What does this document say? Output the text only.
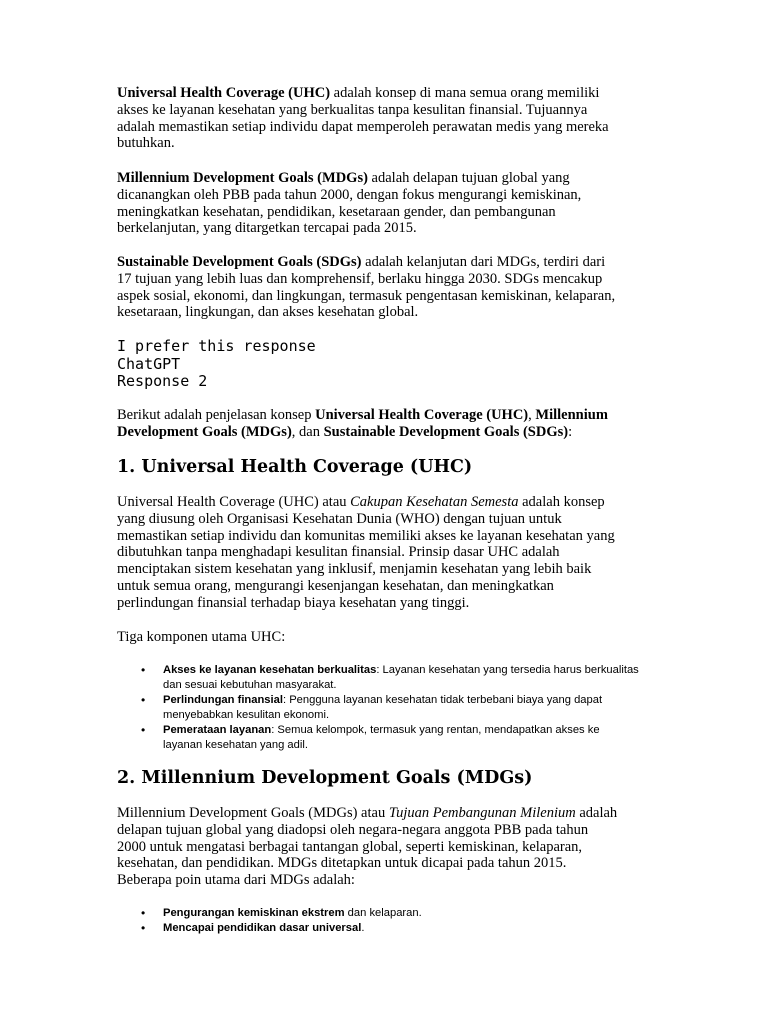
Universal Health Coverage (UHC) adalah konsep di mana semua orang memiliki
akses ke layanan kesehatan yang berkualitas tanpa kesulitan finansial. Tujuannya
adalah memastikan setiap individu dapat memperoleh perawatan medis yang mereka
butuhkan.
Millennium Development Goals (MDGs) adalah delapan tujuan global yang
dicanangkan oleh PBB pada tahun 2000, dengan fokus mengurangi kemiskinan,
meningkatkan kesehatan, pendidikan, kesetaraan gender, dan pembangunan
berkelanjutan, yang ditargetkan tercapai pada 2015.
Sustainable Development Goals (SDGs) adalah kelanjutan dari MDGs, terdiri dari
17 tujuan yang lebih luas dan komprehensif, berlaku hingga 2030. SDGs mencakup
aspek sosial, ekonomi, dan lingkungan, termasuk pengentasan kemiskinan, kelaparan,
kesetaraan, lingkungan, dan akses kesehatan global.
I prefer this response
ChatGPT
Response 2
Berikut adalah penjelasan konsep Universal Health Coverage (UHC), Millennium
Development Goals (MDGs), dan Sustainable Development Goals (SDGs):
1. Universal Health Coverage (UHC)
Universal Health Coverage (UHC) atau Cakupan Kesehatan Semesta adalah konsep
yang diusung oleh Organisasi Kesehatan Dunia (WHO) dengan tujuan untuk
memastikan setiap individu dan komunitas memiliki akses ke layanan kesehatan yang
dibutuhkan tanpa menghadapi kesulitan finansial. Prinsip dasar UHC adalah
menciptakan sistem kesehatan yang inklusif, menjamin kesehatan yang lebih baik
untuk semua orang, mengurangi kesenjangan kesehatan, dan meningkatkan
perlindungan finansial terhadap biaya kesehatan yang tinggi.
Tiga komponen utama UHC:
• Akses ke layanan kesehatan berkualitas: Layanan kesehatan yang tersedia harus berkualitas
dan sesuai kebutuhan masyarakat.
• Perlindungan finansial: Pengguna layanan kesehatan tidak terbebani biaya yang dapat
menyebabkan kesulitan ekonomi.
• Pemerataan layanan: Semua kelompok, termasuk yang rentan, mendapatkan akses ke
layanan kesehatan yang adil.
2. Millennium Development Goals (MDGs)
Millennium Development Goals (MDGs) atau Tujuan Pembangunan Milenium adalah
delapan tujuan global yang diadopsi oleh negara-negara anggota PBB pada tahun
2000 untuk mengatasi berbagai tantangan global, seperti kemiskinan, kelaparan,
kesehatan, dan pendidikan. MDGs ditetapkan untuk dicapai pada tahun 2015.
Beberapa poin utama dari MDGs adalah:
• Pengurangan kemiskinan ekstrem dan kelaparan.
• Mencapai pendidikan dasar universal.
